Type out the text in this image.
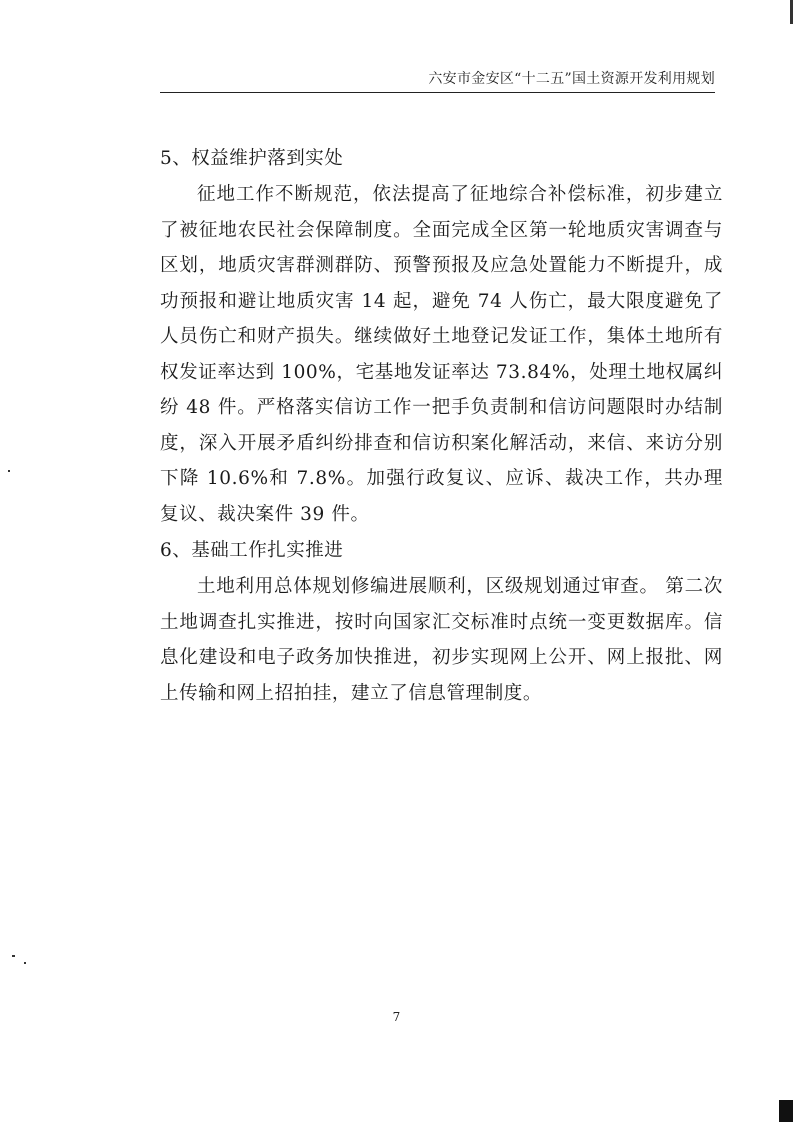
六安市金安区“十二五”国土资源开发利用规划
5、权益维护落到实处

征地工作不断规范，依法提高了征地综合补偿标准，初步建立了被征地农民社会保障制度。全面完成全区第一轮地质灾害调查与区划，地质灾害群测群防、预警预报及应急处置能力不断提升，成功预报和避让地质灾害 14 起，避免 74 人伤亡，最大限度避免了人员伤亡和财产损失。继续做好土地登记发证工作，集体土地所有权发证率达到 100%，宅基地发证率达 73.84%，处理土地权属纠纷 48 件。严格落实信访工作一把手负责制和信访问题限时办结制度，深入开展矛盾纠纷排查和信访积案化解活动，来信、来访分别下降 10.6%和 7.8%。加强行政复议、应诉、裁决工作，共办理复议、裁决案件 39 件。

6、基础工作扎实推进

土地利用总体规划修编进展顺利，区级规划通过审查。 第二次土地调查扎实推进，按时向国家汇交标准时点统一变更数据库。信息化建设和电子政务加快推进，初步实现网上公开、网上报批、网上传输和网上招拍挂，建立了信息管理制度。

7
